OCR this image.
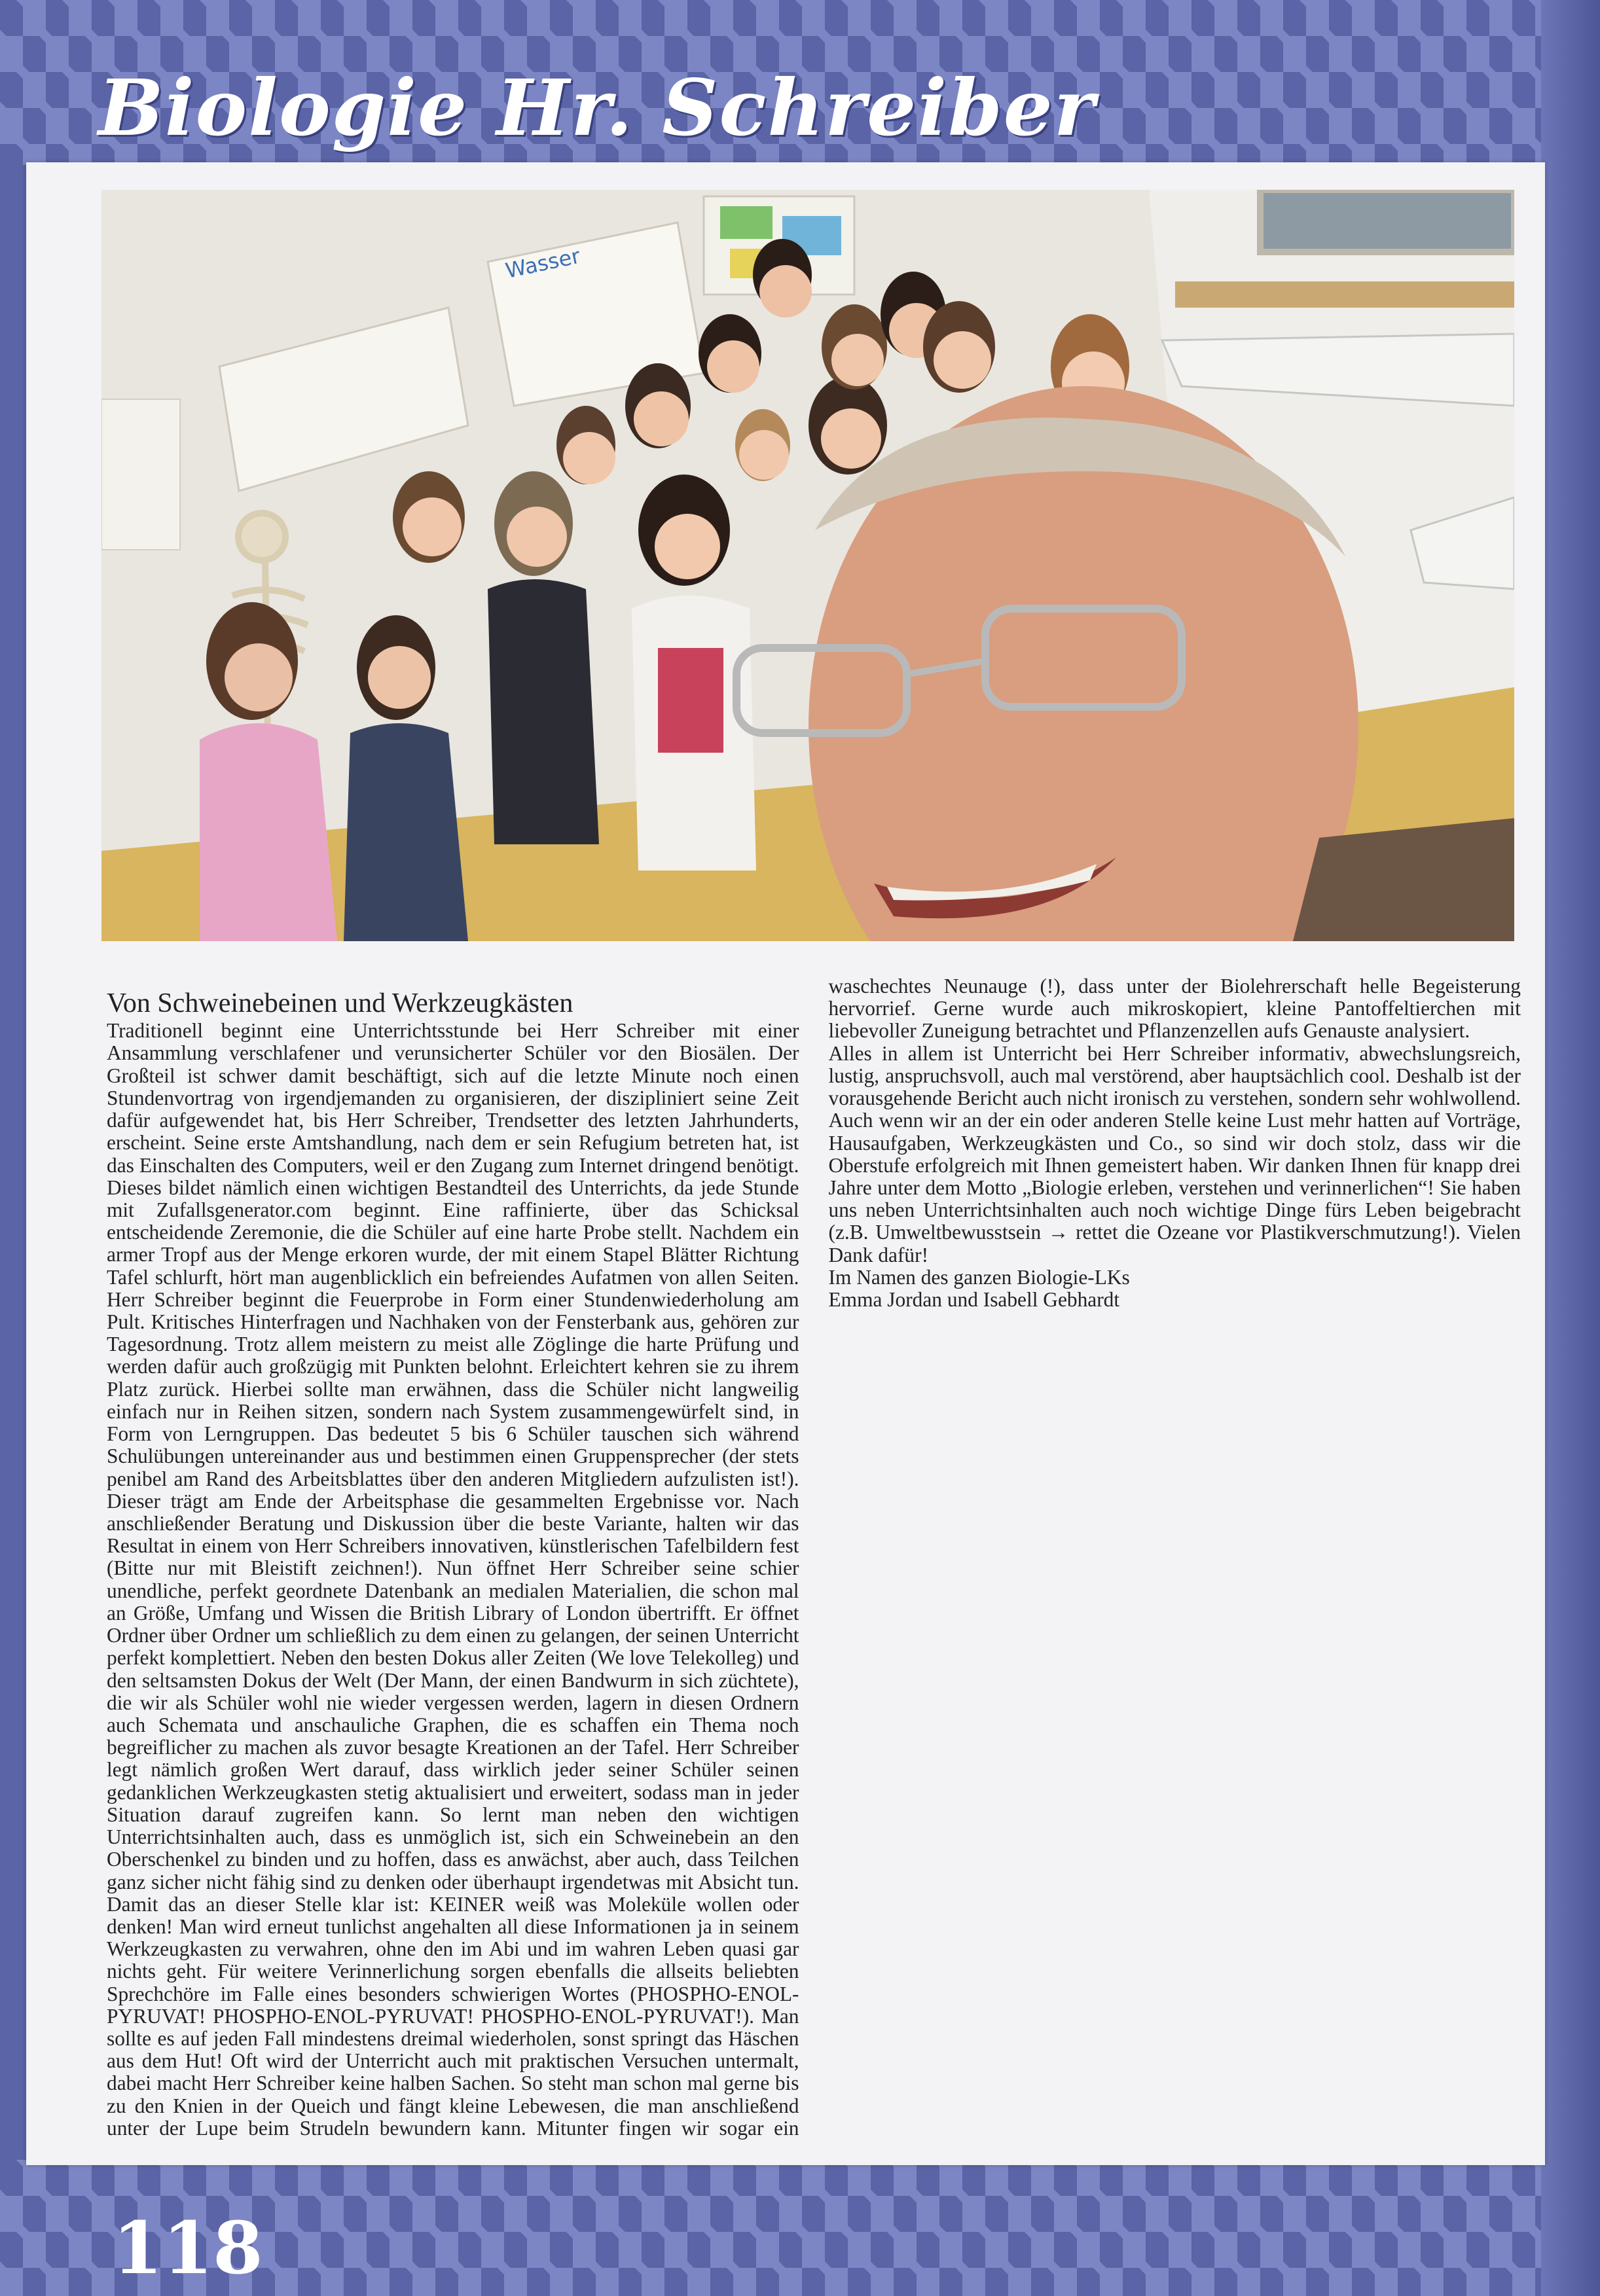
Biologie Hr. Schreiber
Wasser
Von Schweinebeinen und Werkzeugkästen

Traditionell beginnt eine Unterrichtsstunde bei Herr Schreiber mit einer Ansammlung verschlafener und verunsicherter Schüler vor den Biosälen. Der Großteil ist schwer damit beschäftigt, sich auf die letzte Minute noch einen Stundenvortrag von irgendjemanden zu organisieren, der diszipliniert seine Zeit dafür aufgewendet hat, bis Herr Schreiber, Trendsetter des letzten Jahrhunderts, erscheint. Seine erste Amtshandlung, nach dem er sein Refugium betreten hat, ist das Einschalten des Computers, weil er den Zugang zum Internet dringend benötigt. Dieses bildet nämlich einen wichtigen Bestandteil des Unterrichts, da jede Stunde mit Zufallsgenerator.com beginnt. Eine raffinierte, über das Schicksal entscheidende Zeremonie, die die Schüler auf eine harte Probe stellt. Nachdem ein armer Tropf aus der Menge erkoren wurde, der mit einem Stapel Blätter Richtung Tafel schlurft, hört man augenblicklich ein befreiendes Aufatmen von allen Seiten. Herr Schreiber beginnt die Feuerprobe in Form einer Stundenwiederholung am Pult. Kritisches Hinterfragen und Nachhaken von der Fensterbank aus, gehören zur Tagesordnung. Trotz allem meistern zu meist alle Zöglinge die harte Prüfung und werden dafür auch großzügig mit Punkten belohnt. Erleichtert kehren sie zu ihrem Platz zurück. Hierbei sollte man erwähnen, dass die Schüler nicht langweilig einfach nur in Reihen sitzen, sondern nach System zusammengewürfelt sind, in Form von Lerngruppen. Das bedeutet 5 bis 6 Schüler tauschen sich während Schulübungen untereinander aus und bestimmen einen Gruppensprecher (der stets penibel am Rand des Arbeitsblattes über den anderen Mitgliedern aufzulisten ist!). Dieser trägt am Ende der Arbeitsphase die gesammelten Ergebnisse vor. Nach anschließender Beratung und Diskussion über die beste Variante, halten wir das Resultat in einem von Herr Schreibers innovativen, künstlerischen Tafelbildern fest (Bitte nur mit Bleistift zeichnen!). Nun öffnet Herr Schreiber seine schier unendliche, perfekt geordnete Datenbank an medialen Materialien, die schon mal an Größe, Umfang und Wissen die British Library of London übertrifft. Er öffnet Ordner über Ordner um schließlich zu dem einen zu gelangen, der seinen Unterricht perfekt komplettiert. Neben den besten Dokus aller Zeiten (We love Telekolleg) und den seltsamsten Dokus der Welt (Der Mann, der einen Bandwurm in sich züchtete), die wir als Schüler wohl nie wieder vergessen werden, lagern in diesen Ordnern auch Schemata und anschauliche Graphen, die es schaffen ein Thema noch begreiflicher zu machen als zuvor besagte Kreationen an der Tafel. Herr Schreiber legt nämlich großen Wert darauf, dass wirklich jeder seiner Schüler seinen gedanklichen Werkzeugkasten stetig aktualisiert und erweitert, sodass man in jeder Situation darauf zugreifen kann. So lernt man neben den wichtigen Unterrichtsinhalten auch, dass es unmöglich ist, sich ein Schweinebein an den Oberschenkel zu binden und zu hoffen, dass es anwächst, aber auch, dass Teilchen ganz sicher nicht fähig sind zu denken oder überhaupt irgendetwas mit Absicht tun. Damit das an dieser Stelle klar ist: KEINER weiß was Moleküle wollen oder denken! Man wird erneut tunlichst angehalten all diese Informationen ja in seinem Werkzeugkasten zu verwahren, ohne den im Abi und im wahren Leben quasi gar nichts geht. Für weitere Verinnerlichung sorgen ebenfalls die allseits beliebten Sprechchöre im Falle eines besonders schwierigen Wortes (PHOSPHO-ENOL-PYRUVAT! PHOSPHO-ENOL-PYRUVAT! PHOSPHO-ENOL-PYRUVAT!). Man sollte es auf jeden Fall mindestens dreimal wiederholen, sonst springt das Häschen aus dem Hut! Oft wird der Unterricht auch mit praktischen Versuchen untermalt, dabei macht Herr Schreiber keine halben Sachen. So steht man schon mal gerne bis zu den Knien in der Queich und fängt kleine Lebewesen, die man anschließend unter der Lupe beim Strudeln bewundern kann. Mitunter fingen wir sogar ein waschechtes Neunauge (!), dass unter der Biolehrerschaft helle Begeisterung hervorrief. Gerne wurde auch mikroskopiert, kleine Pantoffeltierchen mit liebevoller Zuneigung betrachtet und Pflanzenzellen aufs Genauste analysiert.

Alles in allem ist Unterricht bei Herr Schreiber informativ, abwechslungsreich, lustig, anspruchsvoll, auch mal verstörend, aber hauptsächlich cool. Deshalb ist der vorausgehende Bericht auch nicht ironisch zu verstehen, sondern sehr wohlwollend. Auch wenn wir an der ein oder anderen Stelle keine Lust mehr hatten auf Vorträge, Hausaufgaben, Werkzeugkästen und Co., so sind wir doch stolz, dass wir die Oberstufe erfolgreich mit Ihnen gemeistert haben. Wir danken Ihnen für knapp drei Jahre unter dem Motto „Biologie erleben, verstehen und verinnerlichen“! Sie haben uns neben Unterrichtsinhalten auch noch wichtige Dinge fürs Leben beigebracht (z.B. Umweltbewusstsein → rettet die Ozeane vor Plastikverschmutzung!). Vielen Dank dafür!

Im Namen des ganzen Biologie-LKs

Emma Jordan und Isabell Gebhardt

118
